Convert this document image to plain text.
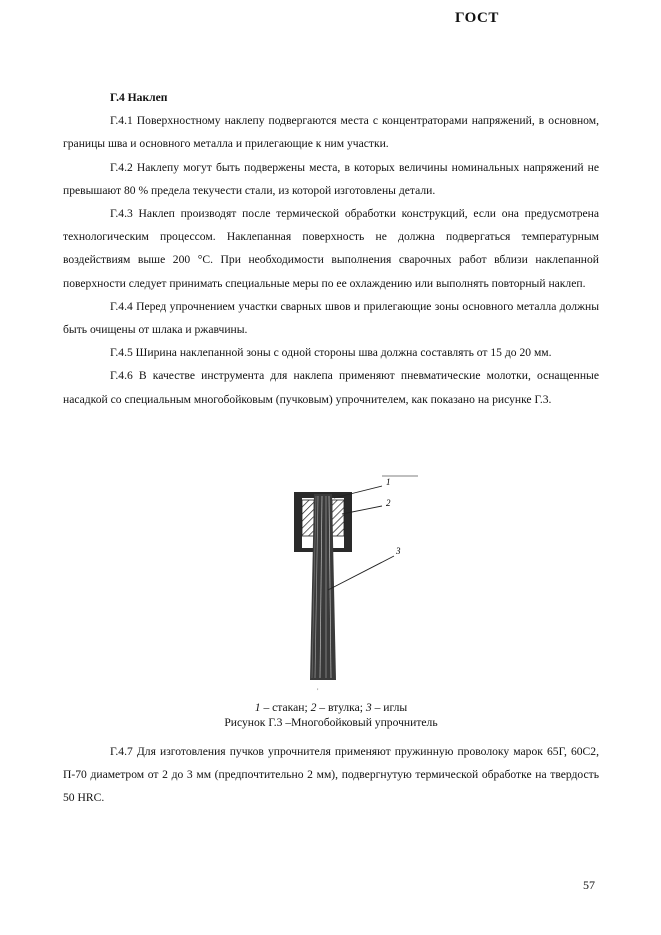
ГОСТ

Г.4 Наклеп

Г.4.1 Поверхностному наклепу подвергаются места с концентраторами напряжений, в основном, границы шва и основного металла и прилегающие к ним участки.

Г.4.2 Наклепу могут быть подвержены места, в которых величины номинальных напряжений не превышают 80 % предела текучести стали, из которой изготовлены детали.

Г.4.3 Наклеп производят после термической обработки конструкций, если она предусмотрена технологическим процессом. Наклепанная поверхность не должна подвергаться температурным воздействиям выше 200 °С. При необходимости выполнения сварочных работ вблизи наклепанной поверхности следует принимать специальные меры по ее охлаждению или выполнять повторный наклеп.

Г.4.4 Перед упрочнением участки сварных швов и прилегающие зоны основного металла должны быть очищены от шлака и ржавчины.

Г.4.5 Ширина наклепанной зоны с одной стороны шва должна составлять от 15 до 20 мм.

Г.4.6 В качестве инструмента для наклепа применяют пневматические молотки, оснащенные насадкой со специальным многобойковым (пучковым) упрочнителем, как показано на рисунке Г.3.

1
2
3
,
1 – стакан; 2 – втулка; 3 – иглы
Рисунок Г.3 –Многобойковый упрочнитель

Г.4.7 Для изготовления пучков упрочнителя применяют пружинную проволоку марок 65Г, 60С2, П-70 диаметром от 2 до 3 мм (предпочтительно 2 мм), подвергнутую термической обработке на твердость 50 HRC.

57
